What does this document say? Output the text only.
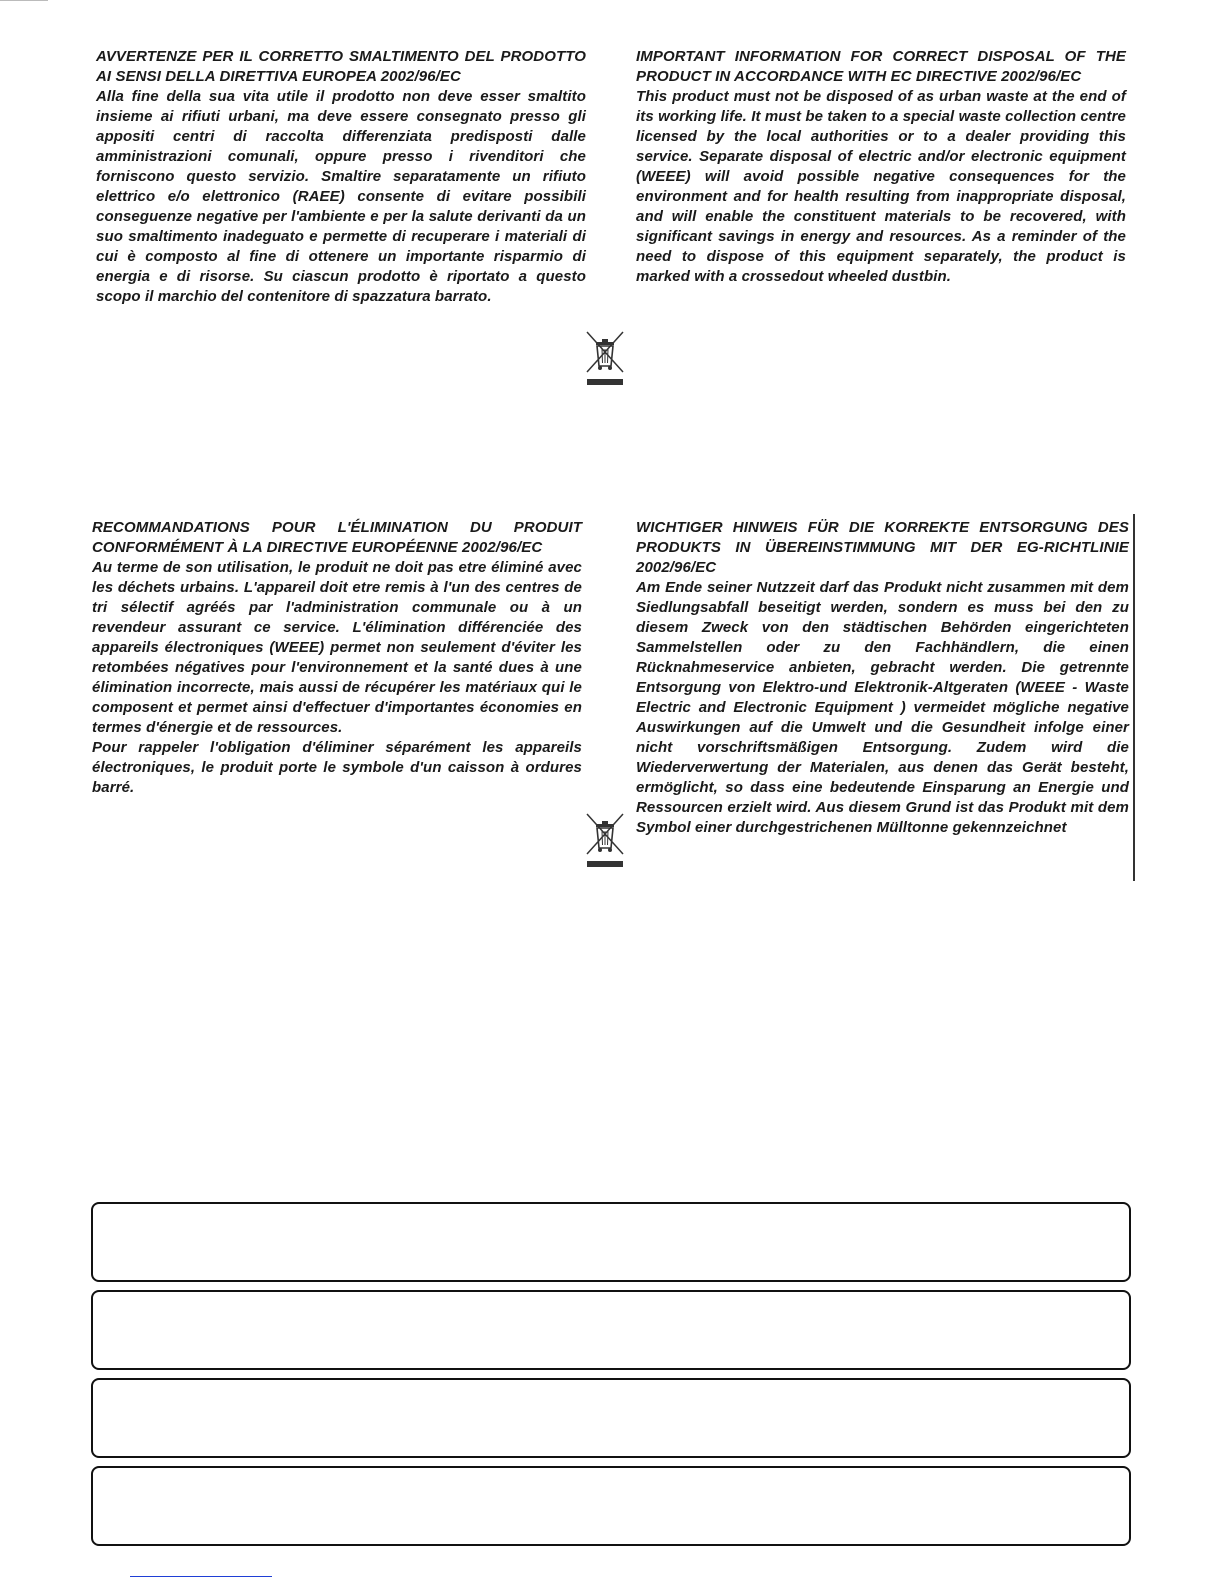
AVVERTENZE PER IL CORRETTO SMALTIMENTO DEL PRODOTTO AI SENSI DELLA DIRETTIVA EUROPEA 2002/96/EC

Alla fine della sua vita utile il prodotto non deve esser smaltito insieme ai rifiuti urbani, ma deve essere consegnato presso gli appositi centri di raccolta differenziata predisposti dalle amministrazioni comunali, oppure presso i rivenditori che forniscono questo servizio. Smaltire separatamente un rifiuto elettrico e/o elettronico (RAEE) consente di evitare possibili conseguenze negative per l'ambiente e per la salute derivanti da un suo smaltimento inadeguato e permette di recuperare i materiali di cui è composto al fine di ottenere un importante risparmio di energia e di risorse. Su ciascun prodotto è riportato a questo scopo il marchio del contenitore di spazzatura barrato.

IMPORTANT INFORMATION FOR CORRECT DISPOSAL OF THE PRODUCT IN ACCORDANCE WITH EC DIRECTIVE 2002/96/EC

This product must not be disposed of as urban waste at the end of its working life. It must be taken to a special waste collection centre licensed by the local authorities or to a dealer providing this service. Separate disposal of electric and/or electronic equipment (WEEE) will avoid possible negative consequences for the environment and for health resulting from inappropriate disposal, and will enable the constituent materials to be recovered, with significant savings in energy and resources. As a reminder of the need to dispose of this equipment separately, the product is marked with a crossedout wheeled dustbin.

RECOMMANDATIONS POUR L'ÉLIMINATION DU PRODUIT CONFORMÉMENT À LA DIRECTIVE EUROPÉENNE 2002/96/EC

Au terme de son utilisation, le produit ne doit pas etre éliminé avec les déchets urbains. L'appareil doit etre remis à l'un des centres de tri sélectif agréés par l'administration communale ou à un revendeur assurant ce service. L'élimination différenciée des appareils électroniques (WEEE) permet non seulement d'éviter les retombées négatives pour l'environnement et la santé dues à une élimination incorrecte, mais aussi de récupérer les matériaux qui le composent et permet ainsi d'effectuer d'importantes économies en termes d'énergie et de ressources.

Pour rappeler l'obligation d'éliminer séparément les appareils électroniques, le produit porte le symbole d'un caisson à ordures barré.

WICHTIGER HINWEIS FÜR DIE KORREKTE ENTSORGUNG DES PRODUKTS IN ÜBEREINSTIMMUNG MIT DER EG-RICHTLINIE 2002/96/EC

Am Ende seiner Nutzzeit darf das Produkt nicht zusammen mit dem Siedlungsabfall beseitigt werden, sondern es muss bei den zu diesem Zweck von den städtischen Behörden eingerichteten Sammelstellen oder zu den Fachhändlern, die einen Rücknahmeservice anbieten, gebracht werden. Die getrennte Entsorgung von Elektro-und Elektronik-Altgeraten (WEEE - Waste Electric and Electronic Equipment ) vermeidet mögliche negative Auswirkungen auf die Umwelt und die Gesundheit infolge einer nicht vorschriftsmäßigen Entsorgung. Zudem wird die Wiederverwertung der Materialen, aus denen das Gerät besteht, ermöglicht, so dass eine bedeutende Einsparung an Energie und Ressourcen erzielt wird. Aus diesem Grund ist das Produkt mit dem Symbol einer durchgestrichenen Mülltonne gekennzeichnet
